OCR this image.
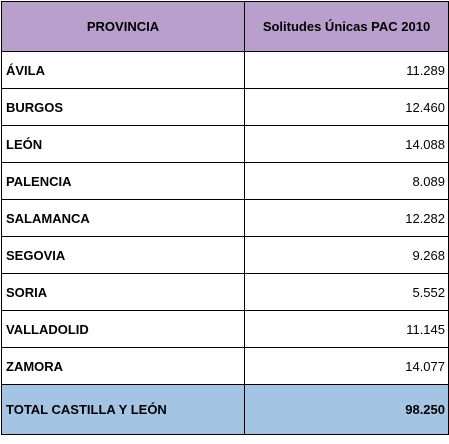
PROVINCIA	Solitudes Únicas PAC 2010
ÁVILA	11.289
BURGOS	12.460
LEÓN	14.088
PALENCIA	8.089
SALAMANCA	12.282
SEGOVIA	9.268
SORIA	5.552
VALLADOLID	11.145
ZAMORA	14.077
TOTAL CASTILLA Y LEÓN	98.250
